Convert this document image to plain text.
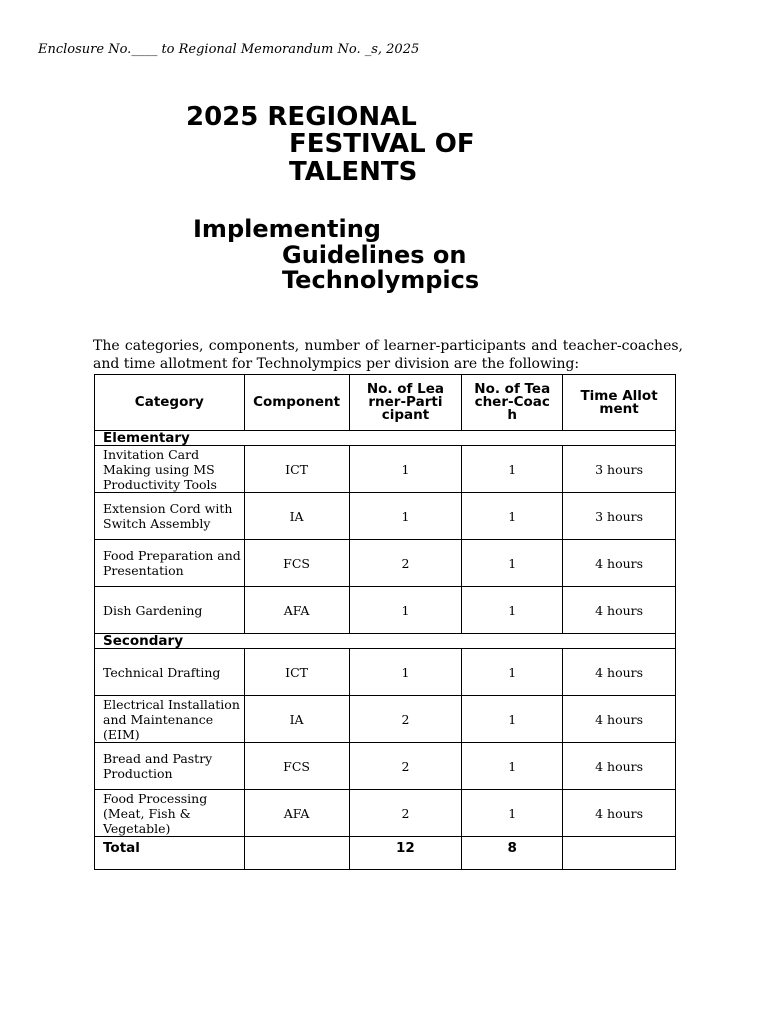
Enclosure No.____ to Regional Memorandum No. _s, 2025
2025 REGIONAL
FESTIVAL OF
TALENTS
Implementing
Guidelines on
Technolympics

The categories, components, number of learner-participants and teacher-coaches, and time allotment for Technolympics per division are the following:

Category	Component	No. of Learner-Participant	No. of Teacher-Coach	Time Allotment

Elementary				
Invitation Card Making using MS Productivity Tools	ICT	1	1	3 hours
Extension Cord with Switch Assembly	IA	1	1	3 hours
Food Preparation and Presentation	FCS	2	1	4 hours
Dish Gardening	AFA	1	1	4 hours
Secondary				
Technical Drafting	ICT	1	1	4 hours
Electrical Installation and Maintenance (EIM)	IA	2	1	4 hours
Bread and Pastry Production	FCS	2	1	4 hours
Food Processing (Meat, Fish & Vegetable)	AFA	2	1	4 hours
Total		12	8	
